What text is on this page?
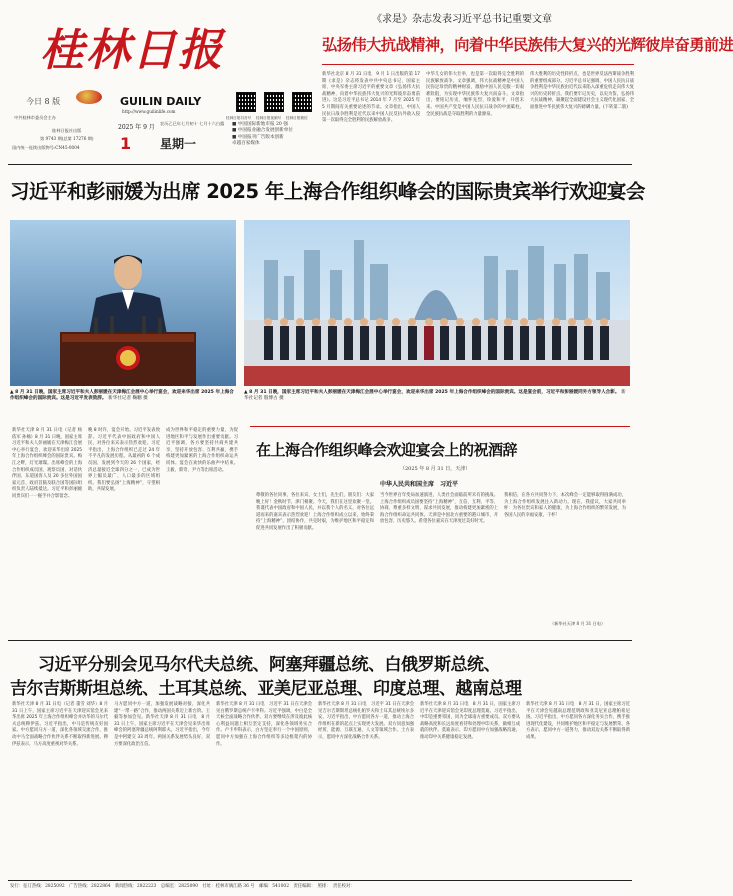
桂林日报
今日 8 版
中共桂林市委员会主办
GUILIN DAILY
http://www.guilinlife.com
桂林日报社出版
第 9743 期(总第 17276 期)
国内统一连续出版物号:CN45-0004
2025 年 9 月
农历乙巳年七月初十 七月十六白露
1 星期一
桂林日报抖音号	桂林日报视频号	桂林日报微信
■ 中国国际新地市报 20 强
■ 中国报业融合发展创新单位
■ 中国报刊广告版本创新
卓越百家媒体
《求是》杂志发表习近平总书记重要文章
弘扬伟大抗战精神，向着中华民族伟大复兴的光辉彼岸奋勇前进
新华社北京 8 月 31 日电　9 月 1 日出版的第 17 期《求是》杂志将发表中共中央总书记、国家主席、中央军委主席习近平的重要文章《弘扬伟大抗战精神，向着中华民族伟大复兴的光辉彼岸奋勇前进》。这是习近平总书记 2014 年 7 月至 2025 年 5 月期间有关重要论述的节录。文章指出，中国人民抗日战争胜利是近代以来中国人民反抗外敌入侵第一次取得完全胜利的民族解放战争。
中华儿女的伟大壮举，也是第一次取得完全胜利的民族解放战争。文章强调，伟大抗战精神是中国人民弥足珍贵的精神财富，激励中国人民克服一切艰难险阻，为实现中华民族伟大复兴而奋斗。文章指出，要铭记历史、缅怀先烈、珍爱和平、开创未来。中国共产党是中国人民抗日战争的中流砥柱。全民族抗战是夺取胜利的力量源泉。
伟大胜利的历史性转折点，也是世界反法西斯战争胜利的重要组成部分。习近平总书记强调，中国人民抗日战争胜利是中华民族由近代以来陷入深重危机走向伟大复兴的历史转折点。我们要牢记历史，以史为鉴，弘扬伟大抗战精神，凝聚起全面建设社会主义现代化国家、全面推进中华民族伟大复兴的磅礴力量。(下转第二版)
习近平和彭丽媛为出席 2025 年上海合作组织峰会的国际贵宾举行欢迎宴会
▲ 8 月 31 日晚，国家主席习近平和夫人彭丽媛在天津梅江会展中心举行宴会，欢迎来华出席 2025 年上海合作组织峰会的国际贵宾。这是习近平发表致辞。 新华社记者 鞠鹏 摄
▲ 8 月 31 日晚，国家主席习近平和夫人彭丽媛在天津梅江会展中心举行宴会，欢迎来华出席 2025 年上海合作组织峰会的国际贵宾。这是宴会前，习近平和彭丽媛同外方领导人合影。 新华社记者 殷博古 摄
新华社天津 8 月 31 日电（记者 杨依军 孙楠）8 月 31 日晚，国家主席习近平和夫人彭丽媛在天津梅江会展中心举行宴会，欢迎来华出席 2025 年上海合作组织峰会的国际贵宾。梅江之畔，灯光璀璨。出席峰会的上海合作组织成员国、观察员国、对话伙伴国、东道国客人及 20 多位外国国家元首、政府首脑及联合国等国际组织负责人陆续抵达。习近平和彭丽媛同贵宾们一一握手并合影留念。
晚 8 时许，宴会开始。习近平发表致辞。习近平代表中国政府和中国人民，对各位来宾表示热烈欢迎。习近平指出，上海合作组织已走过 24 年不平凡的发展历程。从最初的 6 个成员国，发展到今天的 26 个国家，经济总量接近全球四分之一，已成为世界上幅员最广、人口最多的区域组织。我们要弘扬“上海精神”，守望相助，共谋发展。
成为世界和平稳定的重要力量，为促进地区和平与发展作出重要贡献。习近平强调，各方要坚持共商共建共享，坚持开放包容、互利共赢，携手构建更加紧密的上海合作组织命运共同体。宴会在欢快的乐曲声中结束。王毅、蔡奇、尹力等出席活动。
在上海合作组织峰会欢迎宴会上的祝酒辞
（2025 年 8 月 31 日，天津）
中华人民共和国主席　习近平
尊敬的各位同事，各位来宾，女士们，先生们，朋友们：大家晚上好！金秋时节，津门相聚。今天，我们在这里欢聚一堂。我谨代表中国政府和中国人民，并以我个人的名义，对各位远道而来的嘉宾表示热烈欢迎！上海合作组织成立以来，始终秉持“上海精神”，团结协作，共克时艰，为维护地区和平稳定和促进共同发展作出了积极贡献。
当今世界百年变局加速演进，人类社会面临前所未有的挑战。上海合作组织成员国要坚持“上海精神”，互信、互利、平等、协商、尊重多样文明、谋求共同发展，推动构建更加紧密的上海合作组织命运共同体。天津是中国北方重要的港口城市，开放包容、历史悠久。希望各位嘉宾在天津度过美好时光。
我相信，在各方共同努力下，本次峰会一定能够取得圆满成功，为上海合作组织发展注入新动力。现在，我提议，大家共同举杯：为各位贵宾和家人的健康，为上海合作组织的繁荣发展，为各国人民的幸福安康，干杯！
（新华社天津 8 月 31 日电）
习近平分别会见马尔代夫总统、阿塞拜疆总统、白俄罗斯总统、
吉尔吉斯斯坦总统、土耳其总统、亚美尼亚总理、印度总理、越南总理
新华社天津 8 月 31 日电（记者 董雪 刘华）8 月 31 日上午，国家主席习近平在天津迎宾馆会见来华出席 2025 年上海合作组织峰会并访华的马尔代夫总统穆伊兹。习近平指出，中马是传统友好国家。中方愿同马方一道，深化各领域交流合作，推动中马全面战略合作伙伴关系不断取得新进展。穆伊兹表示，马方高度重视对华关系。
马方愿同中方一道，加强发展战略对接，深化共建“一带一路”合作，推动两国关系迈上新台阶。王毅等参加会见。新华社天津 8 月 31 日电　8 月 31 日上午，国家主席习近平在天津会见来华出席峰会的阿塞拜疆总统阿利耶夫。习近平指出，今年是中阿建交 33 周年。两国关系发展势头良好，双方要深化政治互信。
新华社天津 8 月 31 日电　习近平 31 日在天津会见白俄罗斯总统卢卡申科。习近平强调，中白是全天候全面战略合作伙伴。双方要继续在涉及彼此核心利益问题上相互坚定支持，深化各领域务实合作。卢卡申科表示，白方坚定奉行一个中国原则，愿同中方加强在上海合作组织等多边框架内的协作。
新华社天津 8 月 31 日电　习近平 31 日在天津会见吉尔吉斯斯坦总统扎帕罗夫和土耳其总统埃尔多安。习近平指出，中方愿同各方一道，推动上海合作组织在新的起点上实现更大发展。双方同意加强经贸、能源、互联互通、人文等领域合作。土方表示，愿同中方深化战略合作关系。
新华社天津 8 月 31 日电　8 月 31 日，国家主席习近平在天津迎宾馆会见印度总理莫迪。习近平指出，中印是重要邻国，同为全球南方重要成员。双方要从战略高度和长远角度看待和处理中印关系，做相互成就的伙伴。莫迪表示，印方愿同中方加强战略沟通，推动印中关系健康稳定发展。
新华社天津 8 月 31 日电　8 月 31 日，国家主席习近平在天津会见越南总理范明政和亚美尼亚总理帕希尼扬。习近平指出，中方愿同各方深化务实合作，携手推进现代化建设，共同维护地区和平稳定与发展繁荣。各方表示，愿同中方一道努力，推动双边关系不断取得新成果。
发行：征订热线：2825092　广告热线：2822864　新闻热线：2822223　总编室：2825090　社址：桂林市漓江路 36 号　邮编：541002　责任编辑：　照排：　责任校对：
